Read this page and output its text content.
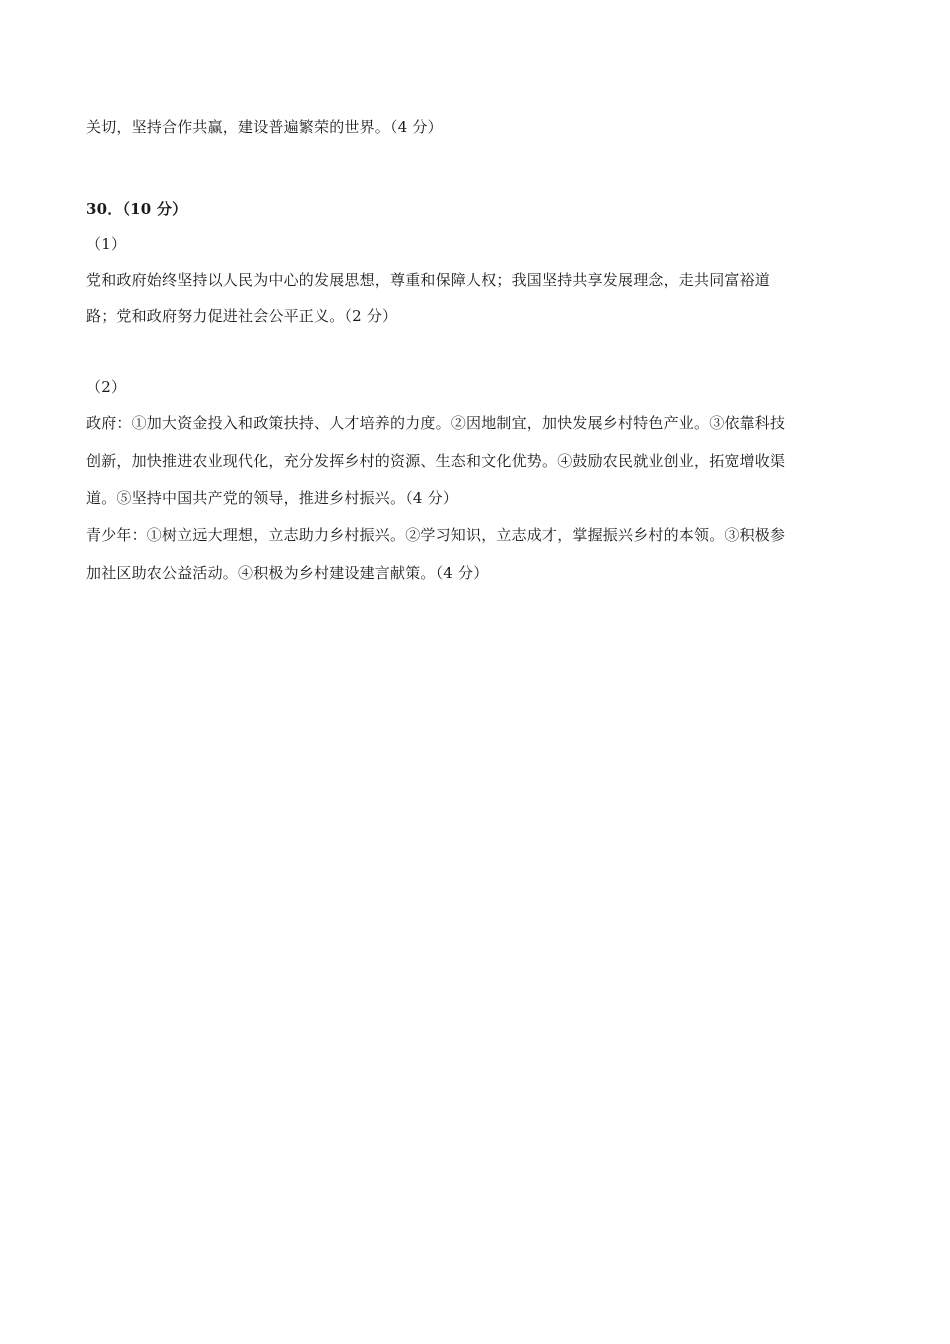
关切，坚持合作共赢，建设普遍繁荣的世界。（4 分）
30．（10 分）
（1）
党和政府始终坚持以人民为中心的发展思想，尊重和保障人权；我国坚持共享发展理念，走共同富裕道
路；党和政府努力促进社会公平正义。（2 分）
（2）
政府：①加大资金投入和政策扶持、人才培养的力度。②因地制宜，加快发展乡村特色产业。③依靠科技
创新，加快推进农业现代化，充分发挥乡村的资源、生态和文化优势。④鼓励农民就业创业，拓宽增收渠
道。⑤坚持中国共产党的领导，推进乡村振兴。（4 分）
青少年：①树立远大理想，立志助力乡村振兴。②学习知识，立志成才，掌握振兴乡村的本领。③积极参
加社区助农公益活动。④积极为乡村建设建言献策。（4 分）
